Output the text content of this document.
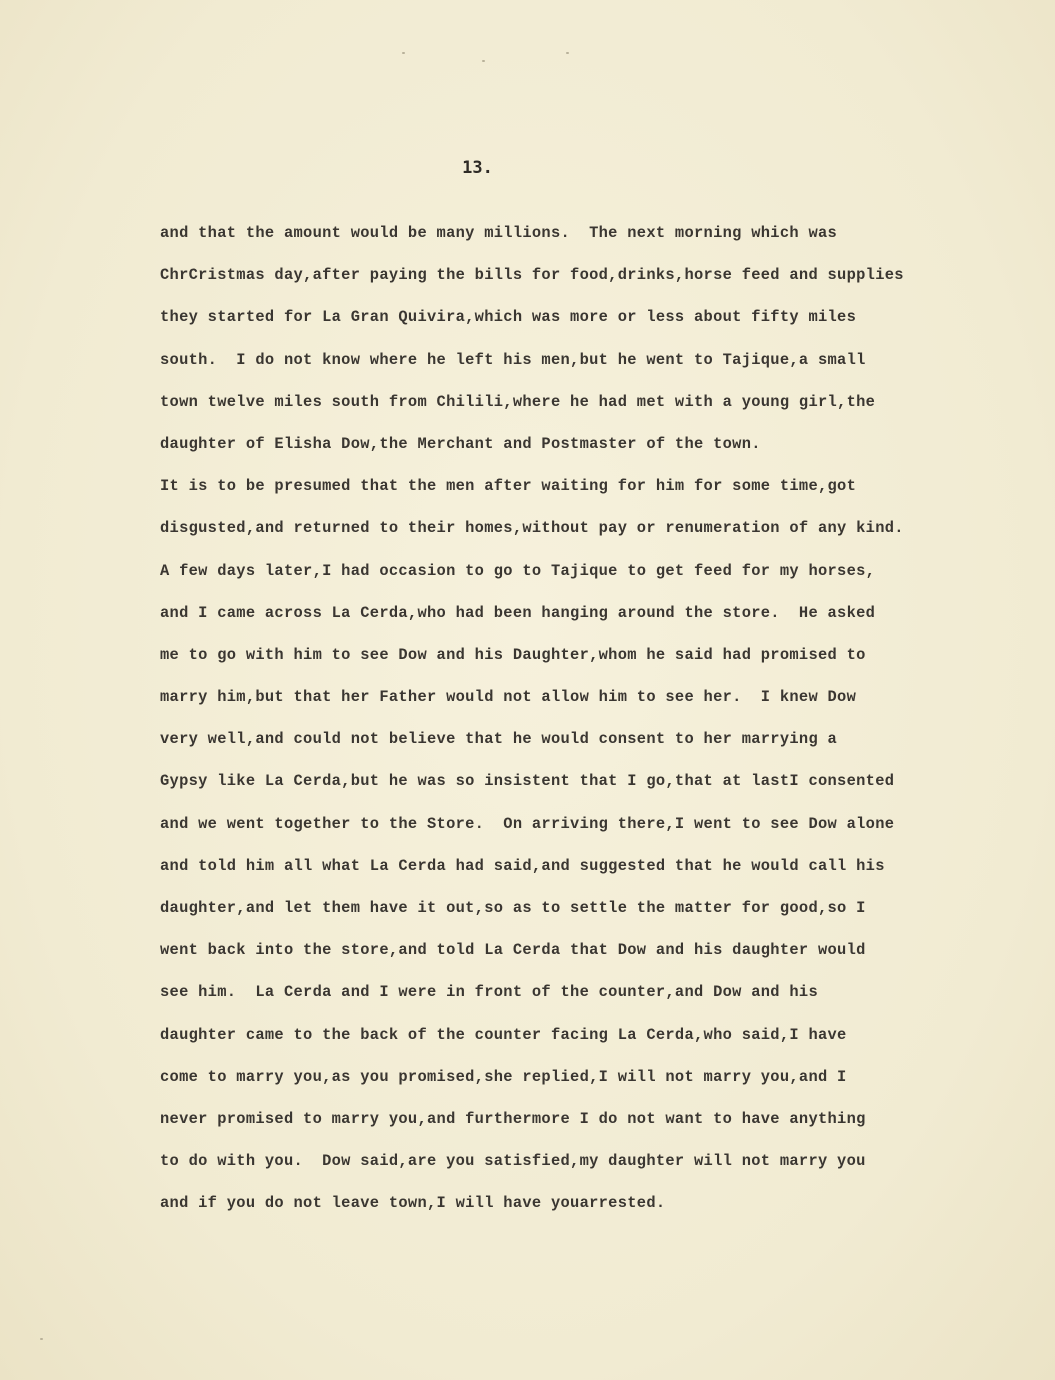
13.
and that the amount would be many millions.  The next morning which was
ChrCristmas day,after paying the bills for food,drinks,horse feed and supplies
they started for La Gran Quivira,which was more or less about fifty miles
south.  I do not know where he left his men,but he went to Tajique,a small
town twelve miles south from Chilili,where he had met with a young girl,the
daughter of Elisha Dow,the Merchant and Postmaster of the town.
It is to be presumed that the men after waiting for him for some time,got
disgusted,and returned to their homes,without pay or renumeration of any kind.
A few days later,I had occasion to go to Tajique to get feed for my horses,
and I came across La Cerda,who had been hanging around the store.  He asked
me to go with him to see Dow and his Daughter,whom he said had promised to
marry him,but that her Father would not allow him to see her.  I knew Dow
very well,and could not believe that he would consent to her marrying a
Gypsy like La Cerda,but he was so insistent that I go,that at lastI consented
and we went together to the Store.  On arriving there,I went to see Dow alone
and told him all what La Cerda had said,and suggested that he would call his
daughter,and let them have it out,so as to settle the matter for good,so I
went back into the store,and told La Cerda that Dow and his daughter would
see him.  La Cerda and I were in front of the counter,and Dow and his
daughter came to the back of the counter facing La Cerda,who said,I have
come to marry you,as you promised,she replied,I will not marry you,and I
never promised to marry you,and furthermore I do not want to have anything
to do with you.  Dow said,are you satisfied,my daughter will not marry you
and if you do not leave town,I will have youarrested.
